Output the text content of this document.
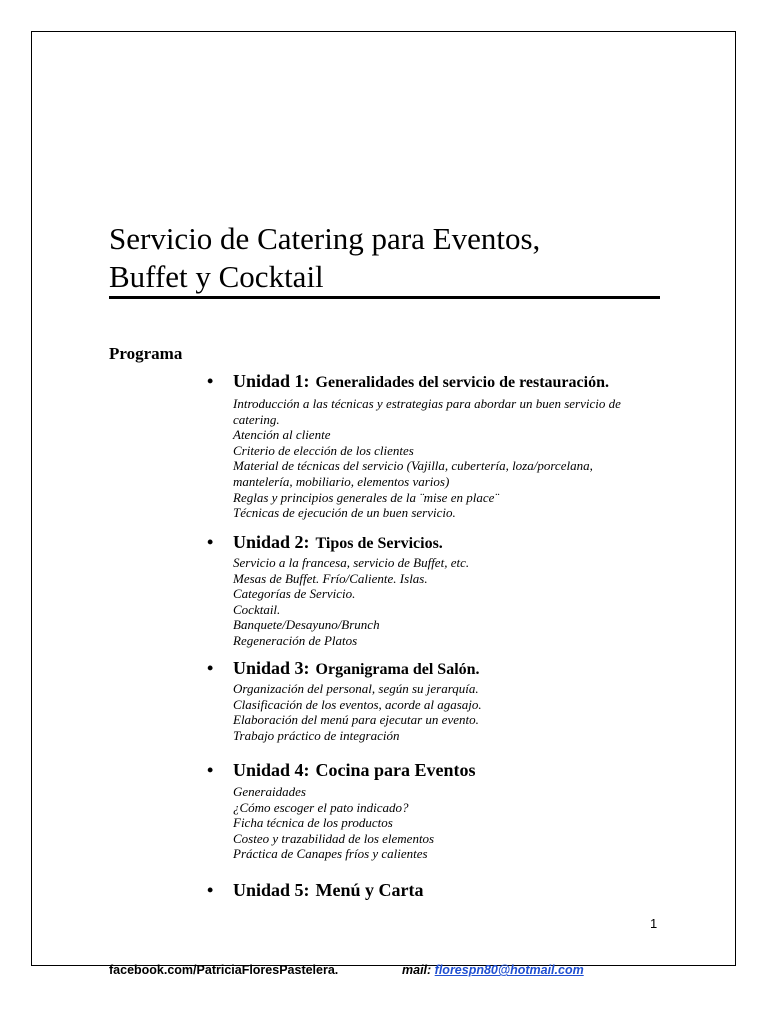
Servicio de Catering para Eventos,
Buffet y Cocktail
Programa
•	Unidad 1: Generalidades del servicio de restauración.
Introducción a las técnicas y estrategias para abordar un buen servicio de
catering.
Atención al cliente
Criterio de elección de los clientes
Material de técnicas del servicio (Vajilla, cubertería, loza/porcelana,
mantelería, mobiliario, elementos varios)
Reglas y principios generales de la ¨mise en place¨
Técnicas de ejecución de un buen servicio.
•	Unidad 2: Tipos de Servicios.
Servicio a la francesa, servicio de Buffet, etc.
Mesas de Buffet. Frío/Caliente. Islas.
Categorías de Servicio.
Cocktail.
Banquete/Desayuno/Brunch
Regeneración de Platos
•	Unidad 3: Organigrama del Salón.
Organización del personal, según su jerarquía.
Clasificación de los eventos, acorde al agasajo.
Elaboración del menú para ejecutar un evento.
Trabajo práctico de integración
•	Unidad 4: Cocina para Eventos
Generaidades
¿Cómo escoger el pato indicado?
Ficha técnica de los productos
Costeo y trazabilidad de los elementos
Práctica de Canapes fríos y calientes
•	Unidad 5: Menú y Carta
1
facebook.com/PatriciaFloresPastelera.	mail: florespn80@hotmail.com
